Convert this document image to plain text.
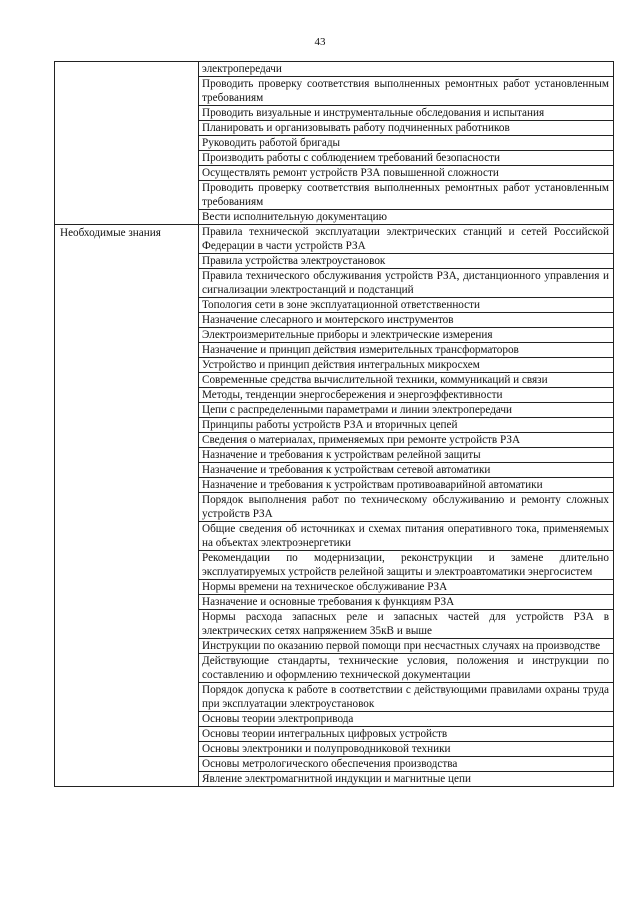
43
	электропередачи
	Проводить проверку соответствия выполненных ремонтных работ установленным требованиям
	Проводить визуальные и инструментальные обследования и испытания
	Планировать и организовывать работу подчиненных работников
	Руководить работой бригады
	Производить работы с соблюдением требований безопасности
	Осуществлять ремонт устройств РЗА повышенной сложности
	Проводить проверку соответствия выполненных ремонтных работ установленным требованиям
	Вести исполнительную документацию
Необходимые знания	Правила технической эксплуатации электрических станций и сетей Российской Федерации в части устройств РЗА
	Правила устройства электроустановок
	Правила технического обслуживания устройств РЗА, дистанционного управления и сигнализации электростанций и подстанций
	Топология сети в зоне эксплуатационной ответственности
	Назначение слесарного и монтерского инструментов
	Электроизмерительные приборы и электрические измерения
	Назначение и принцип действия измерительных трансформаторов
	Устройство и принцип действия интегральных микросхем
	Современные средства вычислительной техники, коммуникаций и связи
	Методы, тенденции энергосбережения и энергоэффективности
	Цепи с распределенными параметрами и линии электропередачи
	Принципы работы устройств РЗА и вторичных цепей
	Сведения о материалах, применяемых при ремонте устройств РЗА
	Назначение и требования к устройствам релейной защиты
	Назначение и требования к устройствам сетевой автоматики
	Назначение и требования к устройствам противоаварийной автоматики
	Порядок выполнения работ по техническому обслуживанию и ремонту сложных устройств РЗА
	Общие сведения об источниках и схемах питания оперативного тока, применяемых на объектах электроэнергетики
	Рекомендации по модернизации, реконструкции и замене длительно эксплуатируемых устройств релейной защиты и электроавтоматики энергосистем
	Нормы времени на техническое обслуживание РЗА
	Назначение и основные требования к функциям РЗА
	Нормы расхода запасных реле и запасных частей для устройств РЗА в электрических сетях напряжением 35кВ и выше
	Инструкции по оказанию первой помощи при несчастных случаях на производстве
	Действующие стандарты, технические условия, положения и инструкции по составлению и оформлению технической документации
	Порядок допуска к работе в соответствии с действующими правилами охраны труда при эксплуатации электроустановок
	Основы теории электропривода
	Основы теории интегральных цифровых устройств
	Основы электроники и полупроводниковой техники
	Основы метрологического обеспечения производства
	Явление электромагнитной индукции и магнитные цепи
